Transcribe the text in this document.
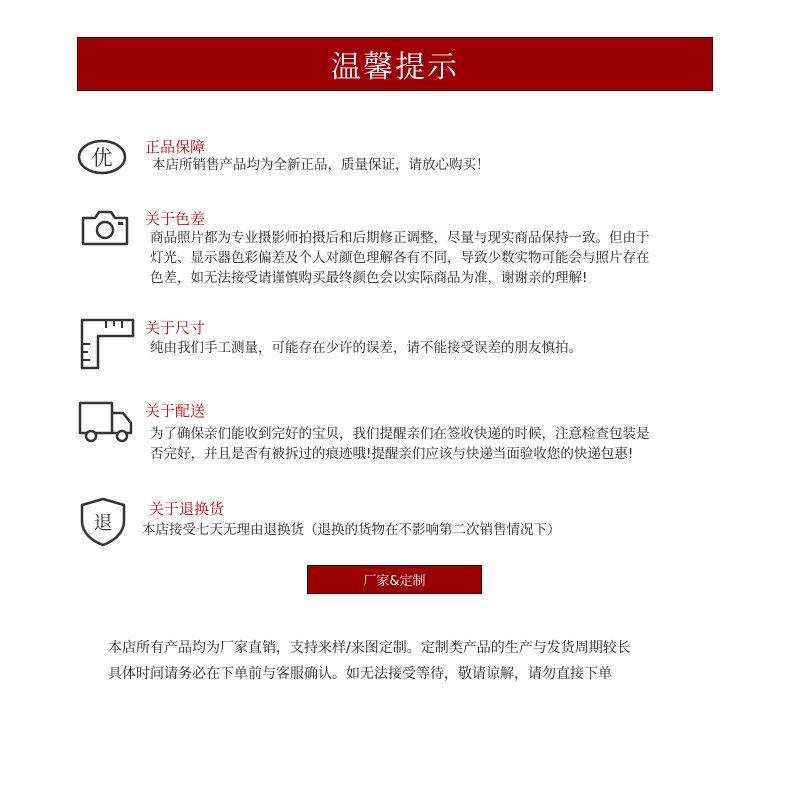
温馨提示
优 正品保障
本店所销售产品均为全新正品，质量保证，请放心购买！
关于色差
商品照片都为专业摄影师拍摄后和后期修正调整，尽量与现实商品保持一致。但由于
灯光、显示器色彩偏差及个人对颜色理解各有不同，导致少数实物可能会与照片存在
色差，如无法接受请谨慎购买最终颜色会以实际商品为准，谢谢亲的理解!
关于尺寸
纯由我们手工测量，可能存在少许的误差，请不能接受误差的朋友慎拍。
关于配送
为了确保亲们能收到完好的宝贝，我们提醒亲们在签收快递的时候，注意检查包装是
否完好，并且是否有被拆过的痕迹哦!提醒亲们应该与快递当面验收您的快递包惠!
退
关于退换货
本店接受七天无理由退换货（退换的货物在不影响第二次销售情况下）
厂家&定制
本店所有产品均为厂家直销，支持来样/来图定制。定制类产品的生产与发货周期较长
具体时间请务必在下单前与客服确认。如无法接受等待，敬请谅解，请勿直接下单
